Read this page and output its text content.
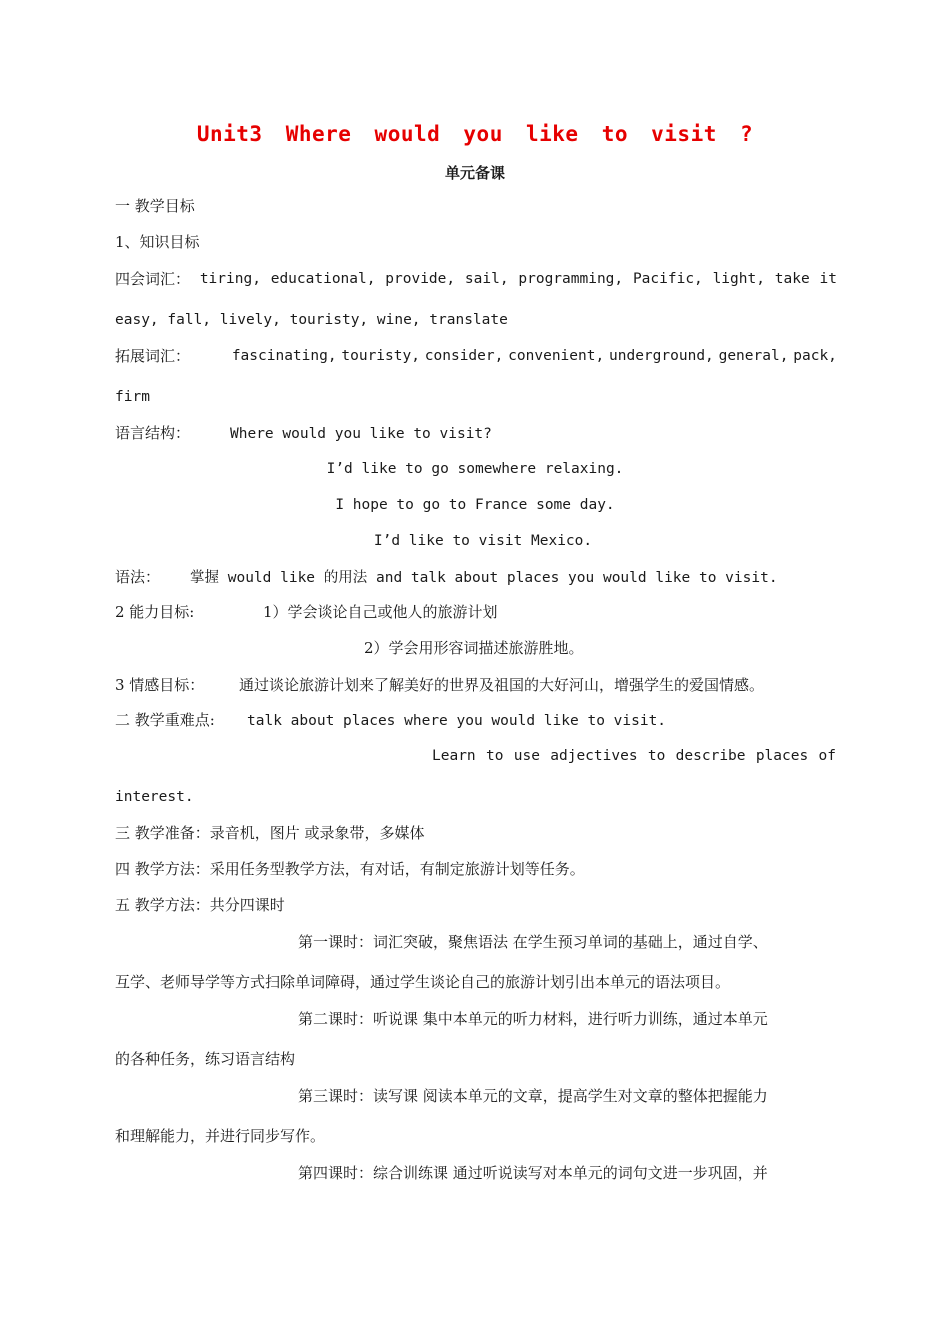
Unit3 Where would you like to visit ?
单元备课
一 教学目标
1、知识目标
四会词汇： tiring, educational, provide, sail, programming, Pacific, light, take it
easy, fall, lively, touristy, wine, translate
拓展词汇：	fascinating, touristy, consider, convenient, underground, general, pack,
firm
语言结构：	Where would you like to visit?
I’d like to go somewhere relaxing.
I hope to go to France some day.
I’d like to visit Mexico.
语法： 掌握 would like 的用法 and talk about places you would like to visit.
2 能力目标:	1）学会谈论自己或他人的旅游计划
2）学会用形容词描述旅游胜地。
3 情感目标： 通过谈论旅游计划来了解美好的世界及祖国的大好河山，增强学生的爱国情感。
二 教学重难点: talk about places where you would like to visit.
Learn to use adjectives to describe places of
interest.
三 教学准备：录音机，图片 或录象带，多媒体
四 教学方法：采用任务型教学方法，有对话，有制定旅游计划等任务。
五 教学方法：共分四课时
第一课时：词汇突破，聚焦语法 在学生预习单词的基础上，通过自学、
互学、老师导学等方式扫除单词障碍，通过学生谈论自己的旅游计划引出本单元的语法项目。
第二课时：听说课 集中本单元的听力材料，进行听力训练，通过本单元
的各种任务，练习语言结构
第三课时：读写课 阅读本单元的文章，提高学生对文章的整体把握能力
和理解能力，并进行同步写作。
第四课时：综合训练课 通过听说读写对本单元的词句文进一步巩固，并
